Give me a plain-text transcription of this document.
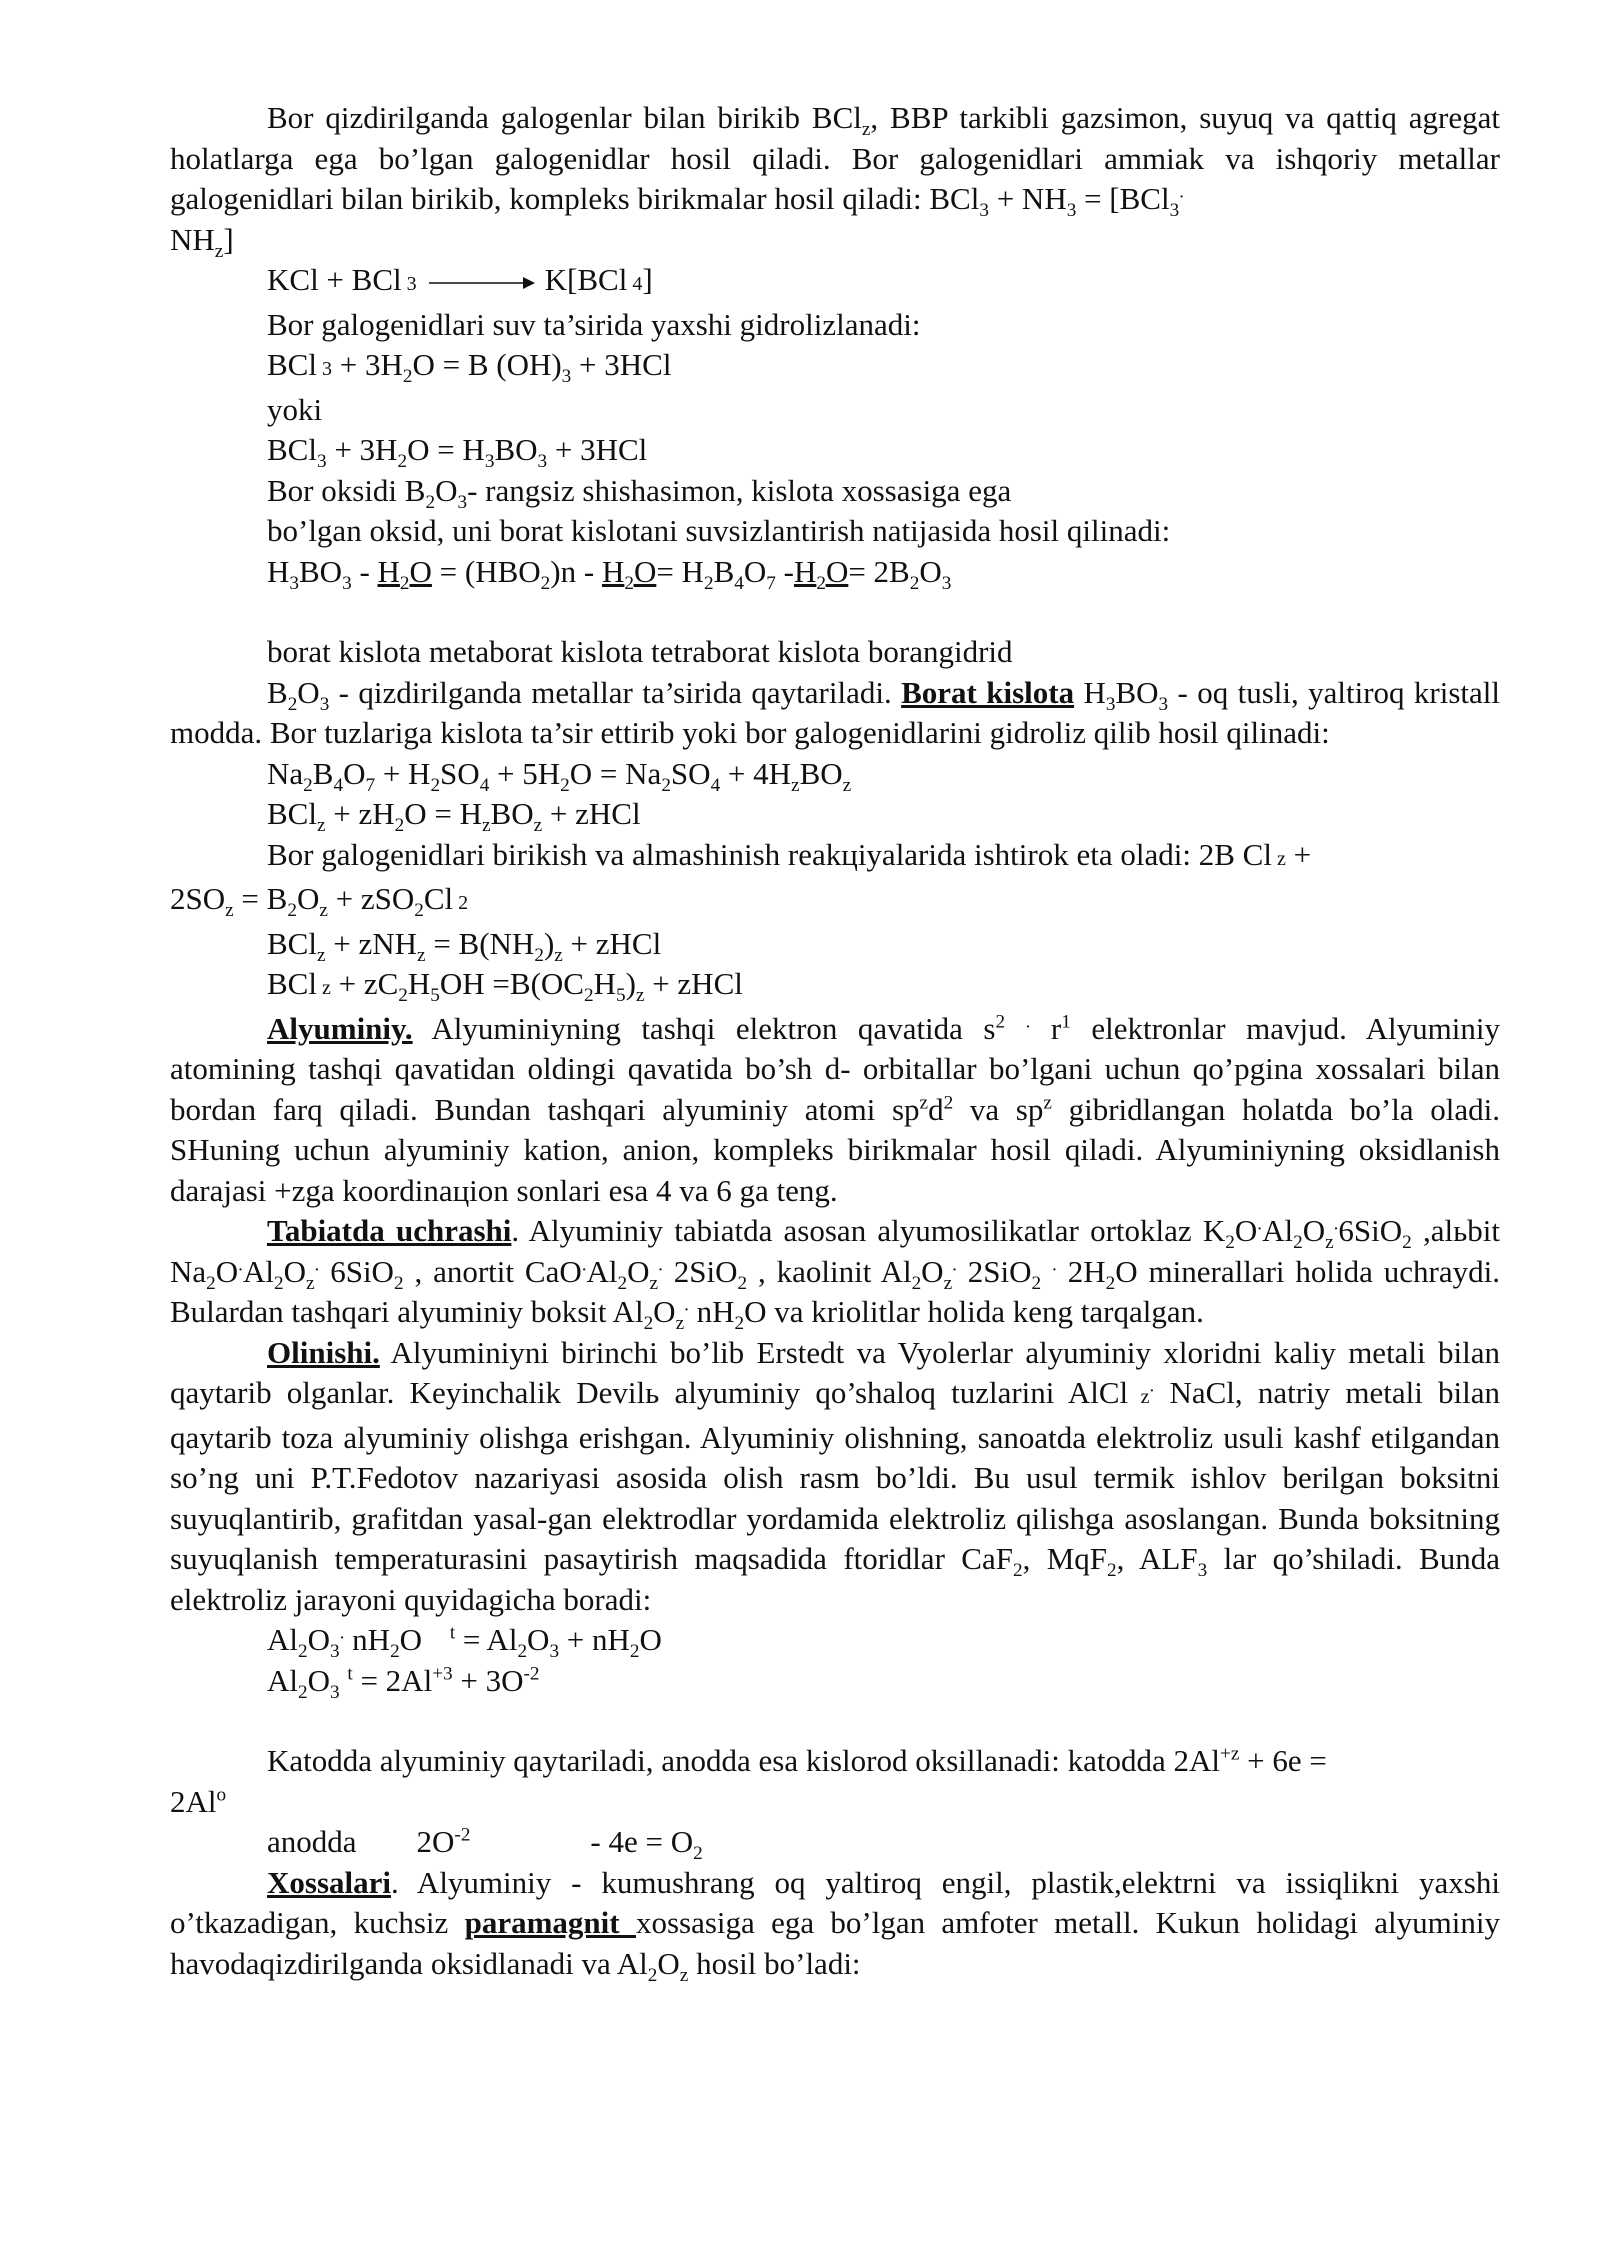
Bor qizdirilganda galogenlar bilan birikib BCl$_z$, BBP tarkibli gazsimon, suyuq va qattiq agregat holatlarga ega bo’lgan galogenidlar hosil qiladi. Bor galogenidlari ammiak va ishqoriy metallar galogenidlari bilan birikib, kompleks birikmalar hosil qiladi: $BCl_3 + NH_3 = [BCl_3^.$
$NH_z$]

KCl + BCl 3 → K[BCl 4]

Bor galogenidlari suv ta’sirida yaxshi gidrolizlanadi:

BCl $3 + 3H_2O = B$ $(OH)_3 + 3HCl$

yoki

$BCl_3 + 3H_2O = H_3BO_3 + 3HCl$

Bor oksidi $B_2O_3-$ rangsiz shishasimon, kislota xossasiga ega

bo’lgan oksid, uni borat kislotani suvsizlantirish natijasida hosil qilinadi:

$H_3BO_3 - H_2O = (HBO_2)n - H_2O= H_2B_4O_7$ $-H_2O= 2B_2O_3$

borat kislota metaborat kislota tetraborat kislota borangidrid

$B_2O_3$ - qizdirilganda metallar ta’sirida qaytariladi. Borat kislota $H_3BO_3$ - oq tusli, yaltiroq kristall modda. Bor tuzlariga kislota ta’sir ettirib yoki bor galogenidlarini gidroliz qilib hosil qilinadi:

$Na_2B_4O_7 + H_2SO_4 + 5H_2O = Na_2SO_4 + 4H_zBO_z$

$BCl_z + zH_2O = H_zBO_z$ + zHCl

Bor galogenidlari birikish va almashinish reakцiyalarida ishtirok eta oladi: 2B Cl z +
$2SO_z = B_2O_z + zSO_2Cl$ 2

$BCl_z + zNH_z = B(NH_2)_z$ + zHCl

BCl $z + zC_2H_5OH =B(OC_2H_5)_z$ + zHCl

Alyuminiy. Alyuminiyning tashqi elektron qavatida $s^2$ . $r^1$ elektronlar mavjud. Alyuminiy atomining tashqi qavatidan oldingi qavatida bo’sh d- orbitallar bo’lgani uchun qo’pgina xossalari bilan bordan farq qiladi. Bundan tashqari alyuminiy atomi $sp^zd^2$ va $sp^z$ gibridlangan holatda bo’la oladi. SHuning uchun alyuminiy kation, anion, kompleks birikmalar hosil qiladi. Alyuminiyning oksidlanish darajasi +zga koordinaцion sonlari esa 4 va 6 ga teng.

Tabiatda uchrashi. Alyuminiy tabiatda asosan alyumosilikatlar ortoklaz $K_2O^.Al_2O_z^.6SiO_2$ ,alьbit $Na_2O^.Al_2O_z^.$ 6SiO$_2$ , anortit $CaO^.Al_2O_z^.$ 2SiO$_2$ , kaolinit $Al_2O_z^.$ 2SiO$_2$ . $2H_2O$ minerallari holida uchraydi. Bulardan tashqari alyuminiy boksit $Al_2O_z^.$ $nH_2O$ va kriolitlar holida keng tarqalgan.

Olinishi. Alyuminiyni birinchi bo’lib Erstedt va Vyolerlar alyuminiy xloridni kaliy metali bilan qaytarib olganlar. Keyinchalik Devilь alyuminiy qo’shaloq tuzlarini AlCl z. NaCl, natriy metali bilan qaytarib toza alyuminiy olishga erishgan. Alyuminiy olishning, sanoatda elektroliz usuli kashf etilgandan so’ng uni P.T.Fedotov nazariyasi asosida olish rasm bo’ldi. Bu usul termik ishlov berilgan boksitni suyuqlantirib, grafitdan yasal-gan elektrodlar yordamida elektroliz qilishga asoslangan. Bunda boksitning suyuqlanish temperaturasini pasaytirish maqsadida ftoridlar CaF$_2$, MqF$_2$, $ALF_3$ lar qo’shiladi. Bunda elektroliz jarayoni quyidagicha boradi:

$Al_2O_3^.$ $nH_2O$ $^t = Al_2O_3 + nH_2O$

$Al_2O_3$ $^t = 2Al^{+3} + 3O^{-2}$

Katodda alyuminiy qaytariladi, anodda esa kislorod oksillanadi: katodda $2Al^{+z} + 6e$ =
$2Al^o$

anodda $2O^{-2}$	- $4e = O_2$

Xossalari. Alyuminiy - kumushrang oq yaltiroq engil, plastik,elektrni va issiqlikni yaxshi o’tkazadigan, kuchsiz paramagnit xossasiga ega bo’lgan amfoter metall. Kukun holidagi alyuminiy havodaqizdirilganda oksidlanadi va $Al_2O_z$ hosil bo’ladi:
